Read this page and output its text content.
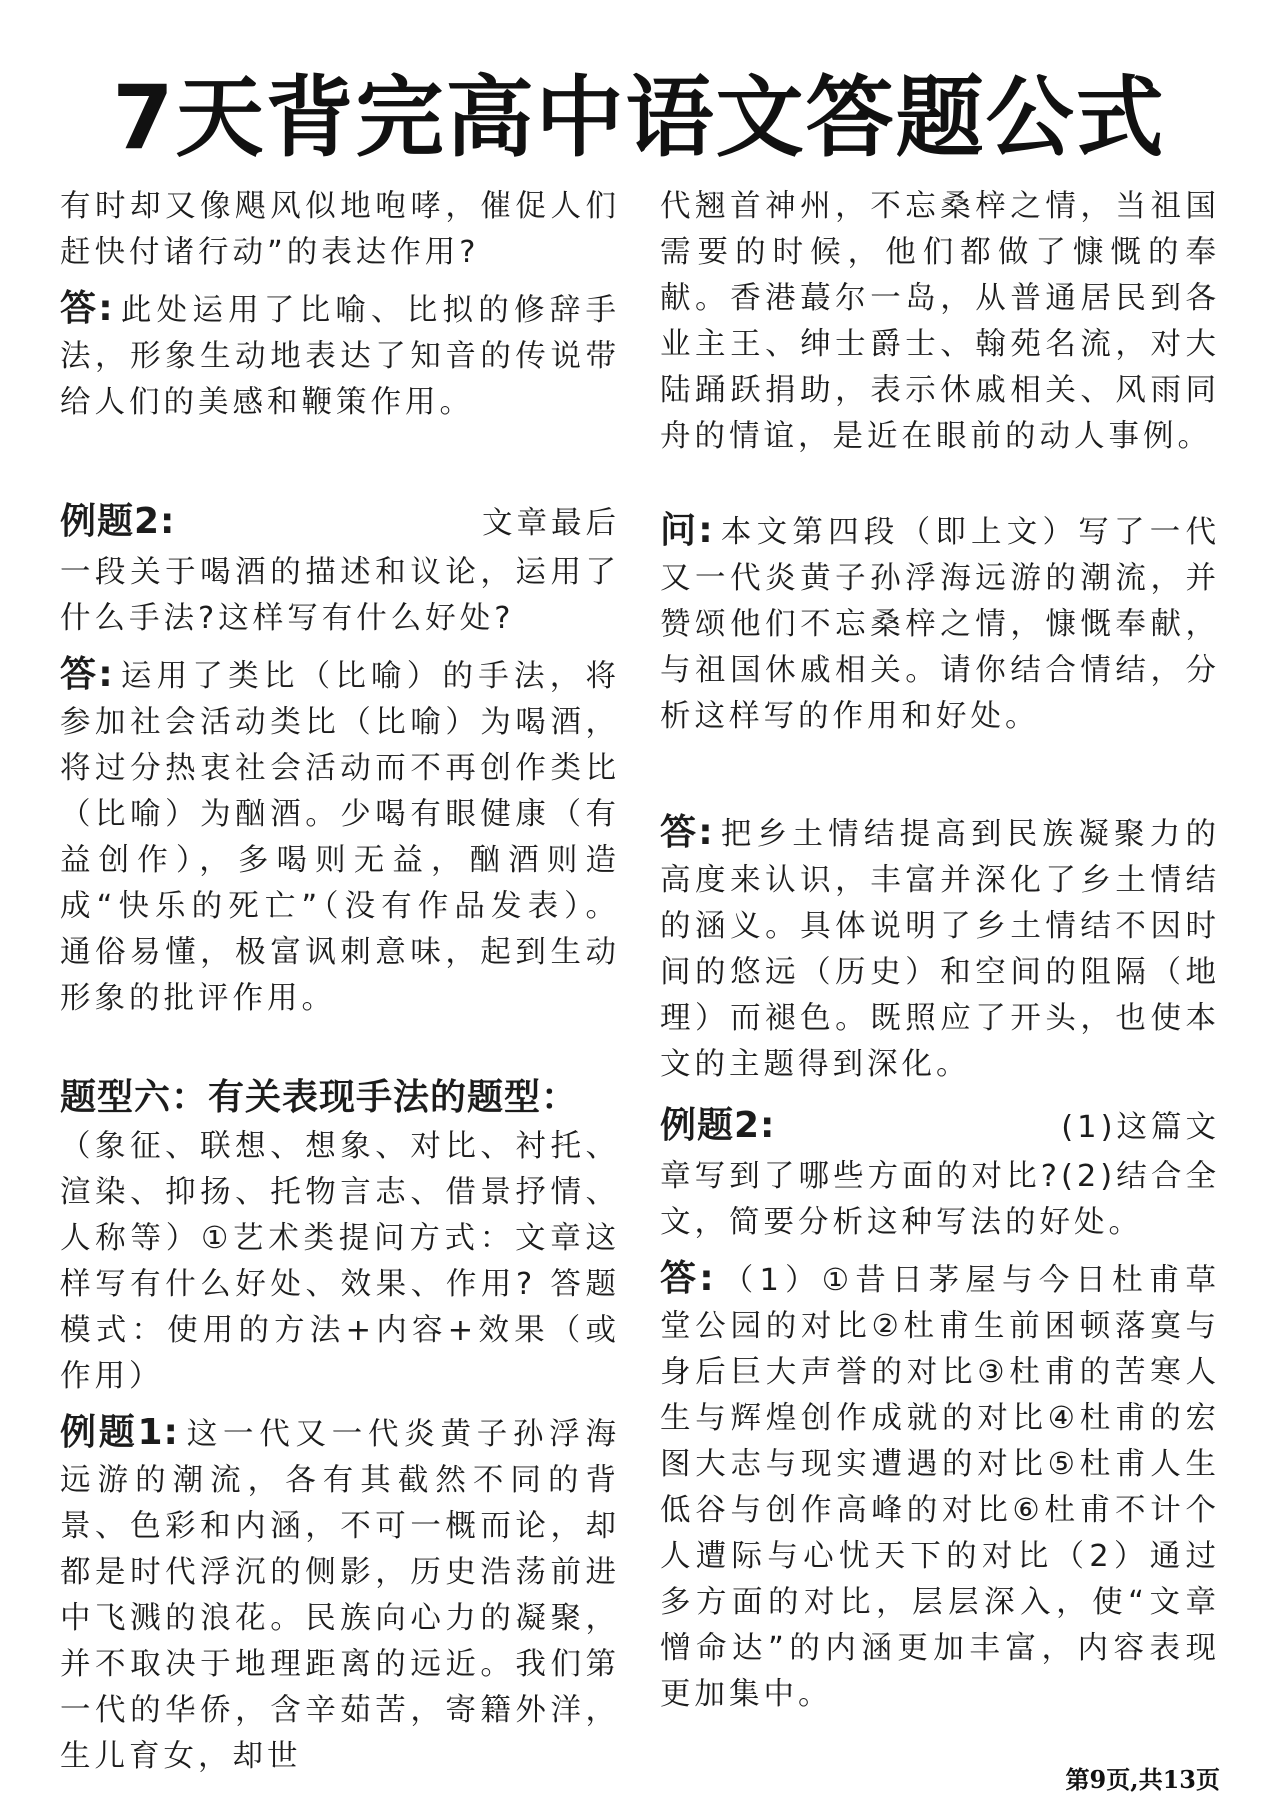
7天背完高中语文答题公式

有时却又像飓风似地咆哮，催促人们赶快付诸行动”的表达作用?

答: 此处运用了比喻、比拟的修辞手法，形象生动地表达了知音的传说带给人们的美感和鞭策作用。

例题2:	文章最后

一段关于喝酒的描述和议论，运用了什么手法?这样写有什么好处?

答: 运用了类比（比喻）的手法，将参加社会活动类比（比喻）为喝酒，将过分热衷社会活动而不再创作类比（比喻）为酗酒。少喝有眼健康（有益创作），多喝则无益，酗酒则造成“快乐的死亡”（没有作品发表）。通俗易懂，极富讽刺意味，起到生动形象的批评作用。

题型六：有关表现手法的题型：

（象征、联想、想象、对比、衬托、渲染、抑扬、托物言志、借景抒情、人称等）①艺术类提问方式：文章这样写有什么好处、效果、作用? 答题模式：使用的方法+内容+效果（或作用）

例题1: 这一代又一代炎黄子孙浮海远游的潮流，各有其截然不同的背景、色彩和内涵，不可一概而论，却都是时代浮沉的侧影，历史浩荡前进中飞溅的浪花。民族向心力的凝聚，并不取决于地理距离的远近。我们第一代的华侨，含辛茹苦，寄籍外洋，生儿育女，却世

代翘首神州，不忘桑梓之情，当祖国需要的时候，他们都做了慷慨的奉献。香港蕞尔一岛，从普通居民到各业主王、绅士爵士、翰苑名流，对大陆踊跃捐助，表示休戚相关、风雨同舟的情谊，是近在眼前的动人事例。

问: 本文第四段（即上文）写了一代又一代炎黄子孙浮海远游的潮流，并赞颂他们不忘桑梓之情，慷慨奉献，与祖国休戚相关。请你结合情结，分析这样写的作用和好处。

答: 把乡土情结提高到民族凝聚力的高度来认识，丰富并深化了乡土情结的涵义。具体说明了乡土情结不因时间的悠远（历史）和空间的阻隔（地理）而褪色。既照应了开头，也使本文的主题得到深化。

例题2:	(1)这篇文

章写到了哪些方面的对比?(2)结合全文，简要分析这种写法的好处。

答: （1）①昔日茅屋与今日杜甫草堂公园的对比②杜甫生前困顿落寞与身后巨大声誉的对比③杜甫的苦寒人生与辉煌创作成就的对比④杜甫的宏图大志与现实遭遇的对比⑤杜甫人生低谷与创作高峰的对比⑥杜甫不计个人遭际与心忧天下的对比（2）通过多方面的对比，层层深入，使“文章憎命达”的内涵更加丰富，内容表现更加集中。

第9页,共13页
